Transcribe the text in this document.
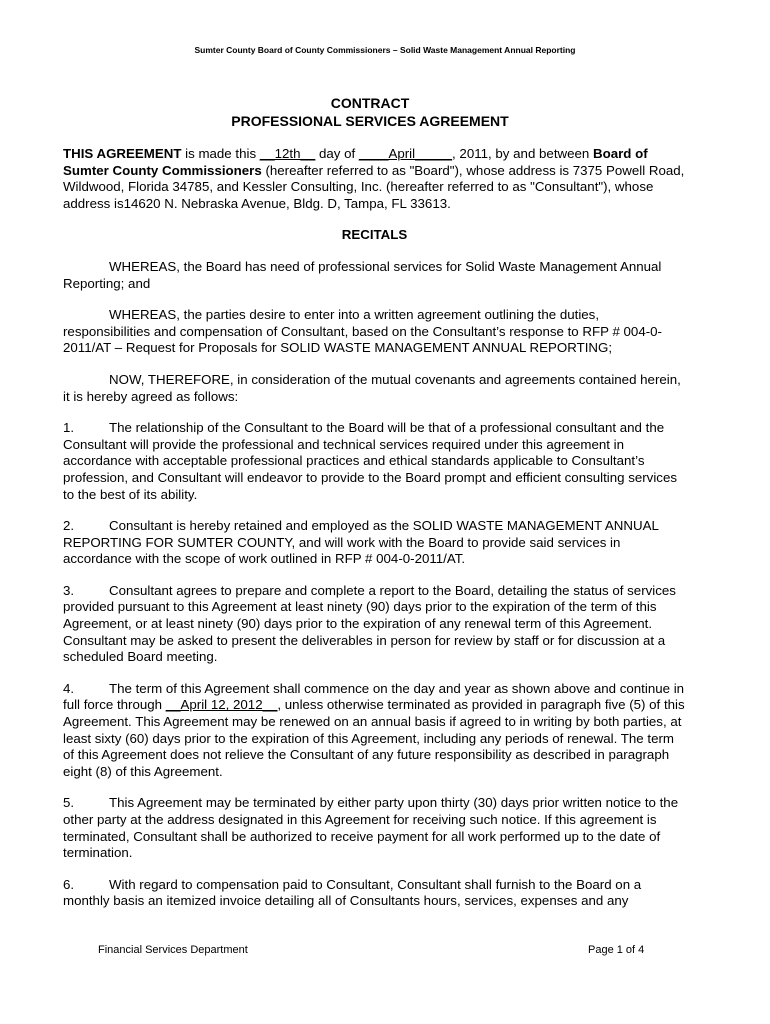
Sumter County Board of County Commissioners – Solid Waste Management Annual Reporting
CONTRACT
PROFESSIONAL SERVICES AGREEMENT

THIS AGREEMENT is made this __12th__ day of ____April_____, 2011, by and between Board of Sumter County Commissioners (hereafter referred to as "Board"), whose address is 7375 Powell Road, Wildwood, Florida 34785, and Kessler Consulting, Inc. (hereafter referred to as "Consultant"), whose address is14620 N. Nebraska Avenue, Bldg. D, Tampa, FL 33613.

RECITALS

WHEREAS, the Board has need of professional services for Solid Waste Management Annual Reporting; and

WHEREAS, the parties desire to enter into a written agreement outlining the duties, responsibilities and compensation of Consultant, based on the Consultant’s response to RFP # 004-0-2011/AT – Request for Proposals for SOLID WASTE MANAGEMENT ANNUAL REPORTING;

NOW, THEREFORE, in consideration of the mutual covenants and agreements contained herein, it is hereby agreed as follows:

1.	The relationship of the Consultant to the Board will be that of a professional consultant and the Consultant will provide the professional and technical services required under this agreement in accordance with acceptable professional practices and ethical standards applicable to Consultant’s profession, and Consultant will endeavor to provide to the Board prompt and efficient consulting services to the best of its ability.

2.	Consultant is hereby retained and employed as the SOLID WASTE MANAGEMENT ANNUAL REPORTING FOR SUMTER COUNTY, and will work with the Board to provide said services in accordance with the scope of work outlined in RFP # 004-0-2011/AT.

3.	Consultant agrees to prepare and complete a report to the Board, detailing the status of services provided pursuant to this Agreement at least ninety (90) days prior to the expiration of the term of this Agreement, or at least ninety (90) days prior to the expiration of any renewal term of this Agreement. Consultant may be asked to present the deliverables in person for review by staff or for discussion at a scheduled Board meeting.

4.	The term of this Agreement shall commence on the day and year as shown above and continue in full force through __April 12, 2012__, unless otherwise terminated as provided in paragraph five (5) of this Agreement. This Agreement may be renewed on an annual basis if agreed to in writing by both parties, at least sixty (60) days prior to the expiration of this Agreement, including any periods of renewal. The term of this Agreement does not relieve the Consultant of any future responsibility as described in paragraph eight (8) of this Agreement.

5.	This Agreement may be terminated by either party upon thirty (30) days prior written notice to the other party at the address designated in this Agreement for receiving such notice. If this agreement is terminated, Consultant shall be authorized to receive payment for all work performed up to the date of termination.

6.	With regard to compensation paid to Consultant, Consultant shall furnish to the Board on a monthly basis an itemized invoice detailing all of Consultants hours, services, expenses and any

Financial Services Department	Page 1 of 4
